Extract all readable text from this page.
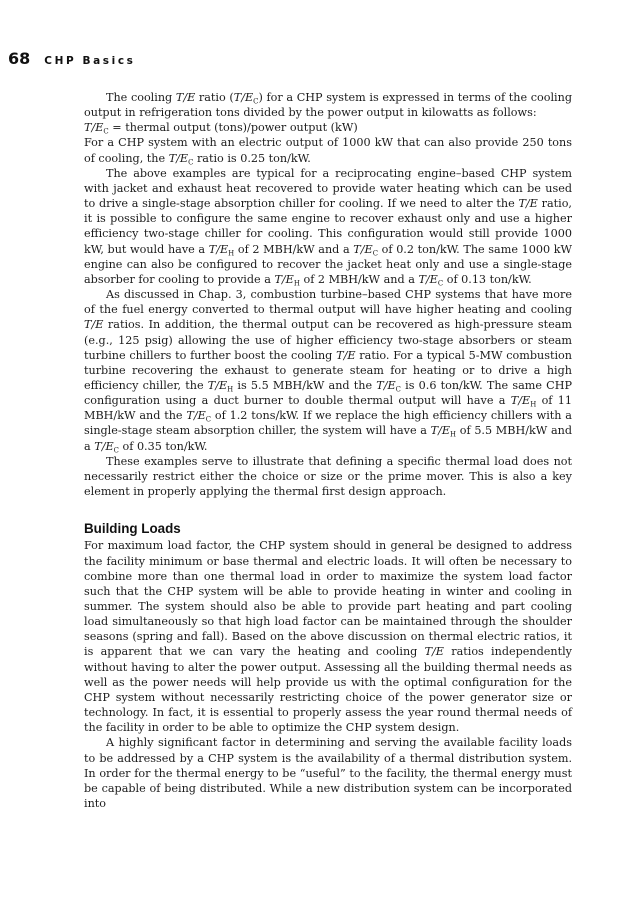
68 CHP Basics

The cooling T/E ratio $(T/E_C)$ for a CHP system is expressed in terms of the cooling output in refrigeration tons divided by the power output in kilowatts as follows:

$T/E_C$ = thermal output (tons)/power output (kW)

For a CHP system with an electric output of 1000 kW that can also provide 250 tons of cooling, the $T/E_C$ ratio is 0.25 ton/kW.

The above examples are typical for a reciprocating engine–based CHP system with jacket and exhaust heat recovered to provide water heating which can be used to drive a single-stage absorption chiller for cooling. If we need to alter the T/E ratio, it is possible to configure the same engine to recover exhaust only and use a higher efficiency two-stage chiller for cooling. This configuration would still provide 1000 kW, but would have a $T/E_H$ of 2 MBH/kW and a $T/E_C$ of 0.2 ton/kW. The same 1000 kW engine can also be configured to recover the jacket heat only and use a single-stage absorber for cooling to provide a $T/E_H$ of 2 MBH/kW and a $T/E_C$ of 0.13 ton/kW.

As discussed in Chap. 3, combustion turbine–based CHP systems that have more of the fuel energy converted to thermal output will have higher heating and cooling T/E ratios. In addition, the thermal output can be recovered as high-pressure steam (e.g., 125 psig) allowing the use of higher efficiency two-stage absorbers or steam turbine chillers to further boost the cooling T/E ratio. For a typical 5-MW combustion turbine recovering the exhaust to generate steam for heating or to drive a high efficiency chiller, the $T/E_H$ is 5.5 MBH/kW and the $T/E_C$ is 0.6 ton/kW. The same CHP configuration using a duct burner to double thermal output will have a $T/E_H$ of 11 MBH/kW and the $T/E_C$ of 1.2 tons/kW. If we replace the high efficiency chillers with a single-stage steam absorption chiller, the system will have a $T/E_H$ of 5.5 MBH/kW and a $T/E_C$ of 0.35 ton/kW.

These examples serve to illustrate that defining a specific thermal load does not necessarily restrict either the choice or size or the prime mover. This is also a key element in properly applying the thermal first design approach.

Building Loads

For maximum load factor, the CHP system should in general be designed to address the facility minimum or base thermal and electric loads. It will often be necessary to combine more than one thermal load in order to maximize the system load factor such that the CHP system will be able to provide heating in winter and cooling in summer. The system should also be able to provide part heating and part cooling load simultaneously so that high load factor can be maintained through the shoulder seasons (spring and fall). Based on the above discussion on thermal electric ratios, it is apparent that we can vary the heating and cooling T/E ratios independently without having to alter the power output. Assessing all the building thermal needs as well as the power needs will help provide us with the optimal configuration for the CHP system without necessarily restricting choice of the power generator size or technology. In fact, it is essential to properly assess the year round thermal needs of the facility in order to be able to optimize the CHP system design.

A highly significant factor in determining and serving the available facility loads to be addressed by a CHP system is the availability of a thermal distribution system. In order for the thermal energy to be “useful” to the facility, the thermal energy must be capable of being distributed. While a new distribution system can be incorporated into
